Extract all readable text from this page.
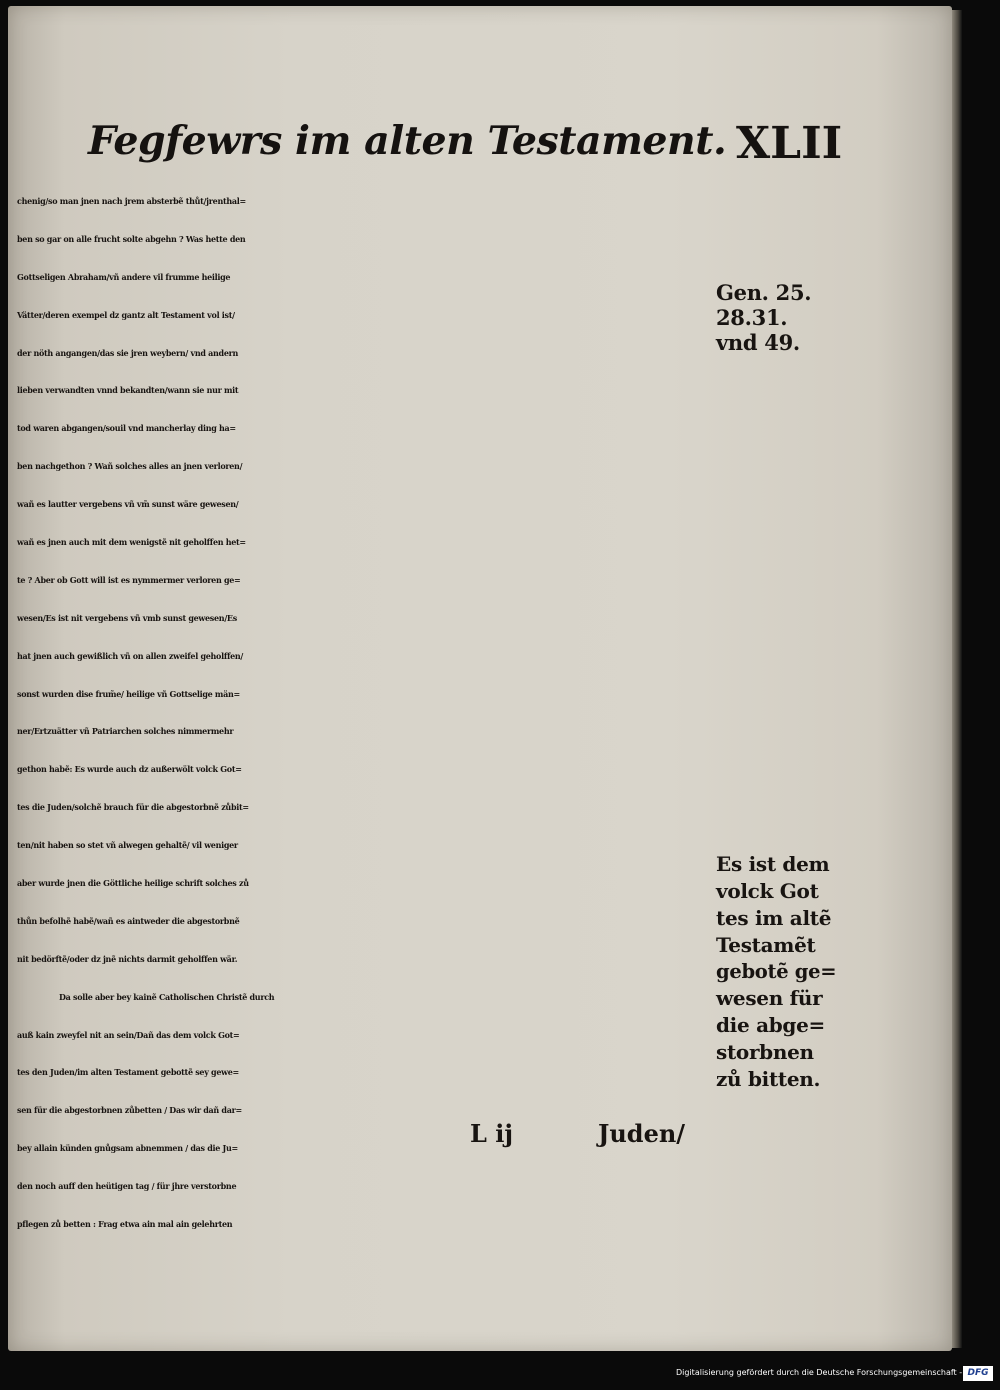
Fegfewrs im alten Testament. XLII
chenig/so man jnen nach jrem absterbẽ thůt/jrenthal=
ben so gar on alle frucht solte abgehn ? Was hette den
Gottseligen Abraham/vñ andere vil frumme heilige
Vätter/deren exempel dz gantz alt Testament vol ist/
der nöth angangen/das sie jren weybern/ vnd andern
lieben verwandten vnnd bekandten/wann sie nur mit
tod waren abgangen/souil vnd mancherlay ding ha=
ben nachgethon ? Wañ solches alles an jnen verloren/
wañ es lautter vergebens vñ vm̃ sunst wäre gewesen/
wañ es jnen auch mit dem wenigstẽ nit geholffen het=
te ? Aber ob Gott will ist es nymmermer verloren ge=
wesen/Es ist nit vergebens vñ vmb sunst gewesen/Es
hat jnen auch gewißlich vñ on allen zweifel geholffen/
sonst wurden dise frum̃e/ heilige vñ Gottselige män=
ner/Ertzuätter vñ Patriarchen solches nimmermehr
gethon habẽ: Es wurde auch dz außerwölt volck Got=
tes die Juden/solchẽ brauch für die abgestorbnẽ zůbit=
ten/nit haben so stet vñ alwegen gehaltẽ/ vil weniger
aber wurde jnen die Göttliche heilige schrift solches zů
thůn befolhẽ habẽ/wañ es aintweder die abgestorbnẽ
nit bedörftẽ/oder dz jnẽ nichts darmit geholffen wär.
Da solle aber bey kainẽ Catholischen Christẽ durch
auß kain zweyfel nit an sein/Dañ das dem volck Got=
tes den Juden/im alten Testament gebottẽ sey gewe=
sen für die abgestorbnen zůbetten / Das wir dañ dar=
bey allain künden gnůgsam abnemmen / das die Ju=
den noch auff den heütigen tag / für jhre verstorbne
pflegen zů betten : Frag etwa ain mal ain gelehrten
Gen. 25.
28.31.
vnd 49.
Es ist dem
volck Got
tes im altẽ
Testamẽt
gebotẽ ge=
wesen für
die abge=
storbnen
zů bitten.
L ij	Juden/
Digitalisierung gefördert durch die Deutsche Forschungsgemeinschaft - DFG
